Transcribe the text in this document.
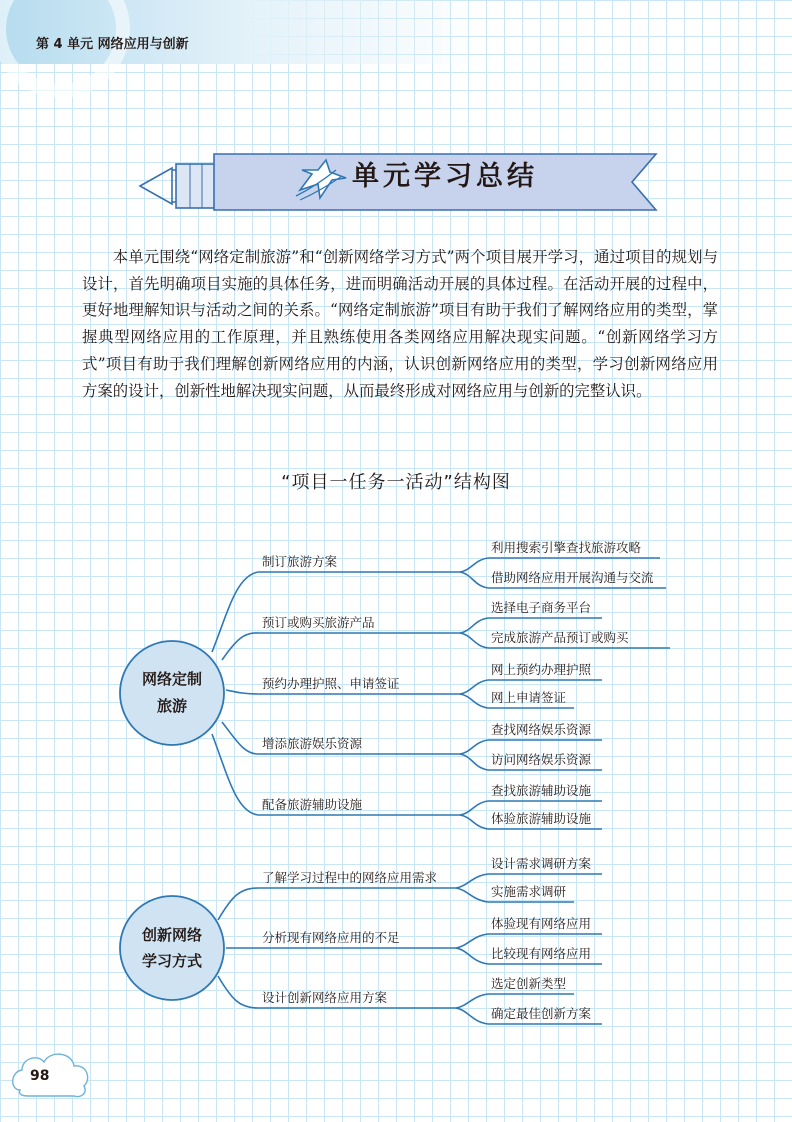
第 4 单元 网络应用与创新
单元学习总结

本单元围绕“网络定制旅游”和“创新网络学习方式”两个项目展开学习，通过项目的规划与设计，首先明确项目实施的具体任务，进而明确活动开展的具体过程。在活动开展的过程中，更好地理解知识与活动之间的关系。“网络定制旅游”项目有助于我们了解网络应用的类型，掌握典型网络应用的工作原理，并且熟练使用各类网络应用解决现实问题。“创新网络学习方式”项目有助于我们理解创新网络应用的内涵，认识创新网络应用的类型，学习创新网络应用方案的设计，创新性地解决现实问题，从而最终形成对网络应用与创新的完整认识。

“项目一任务一活动”结构图
网络定制
旅游
制订旅游方案
预订或购买旅游产品
预约办理护照、申请签证
增添旅游娱乐资源
配备旅游辅助设施
利用搜索引擎查找旅游攻略
借助网络应用开展沟通与交流
选择电子商务平台
完成旅游产品预订或购买
网上预约办理护照
网上申请签证
查找网络娱乐资源
访问网络娱乐资源
查找旅游辅助设施
体验旅游辅助设施
创新网络
学习方式
了解学习过程中的网络应用需求
分析现有网络应用的不足
设计创新网络应用方案
设计需求调研方案
实施需求调研
体验现有网络应用
比较现有网络应用
选定创新类型
确定最佳创新方案
98
